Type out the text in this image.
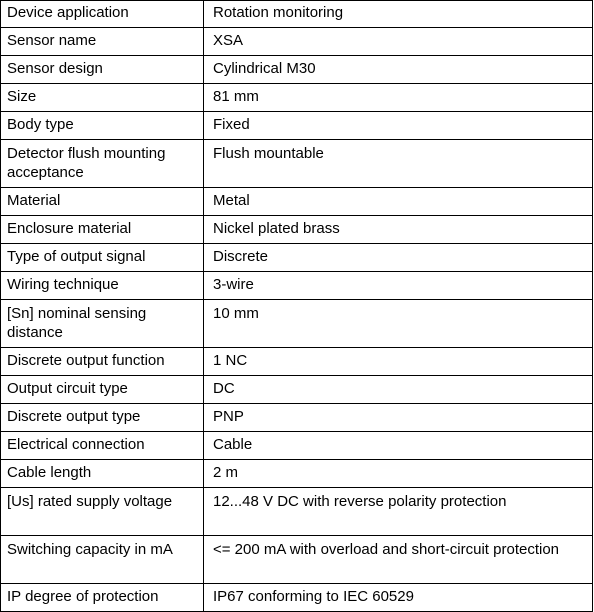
Device application	Rotation monitoring
Sensor name	XSA
Sensor design	Cylindrical M30
Size	81 mm
Body type	Fixed
Detector flush mounting acceptance	Flush mountable
Material	Metal
Enclosure material	Nickel plated brass
Type of output signal	Discrete
Wiring technique	3-wire
[Sn] nominal sensing distance	10 mm
Discrete output function	1 NC
Output circuit type	DC
Discrete output type	PNP
Electrical connection	Cable
Cable length	2 m
[Us] rated supply voltage	12...48 V DC with reverse polarity protection
Switching capacity in mA	<= 200 mA with overload and short-circuit protection
IP degree of protection	IP67 conforming to IEC 60529
